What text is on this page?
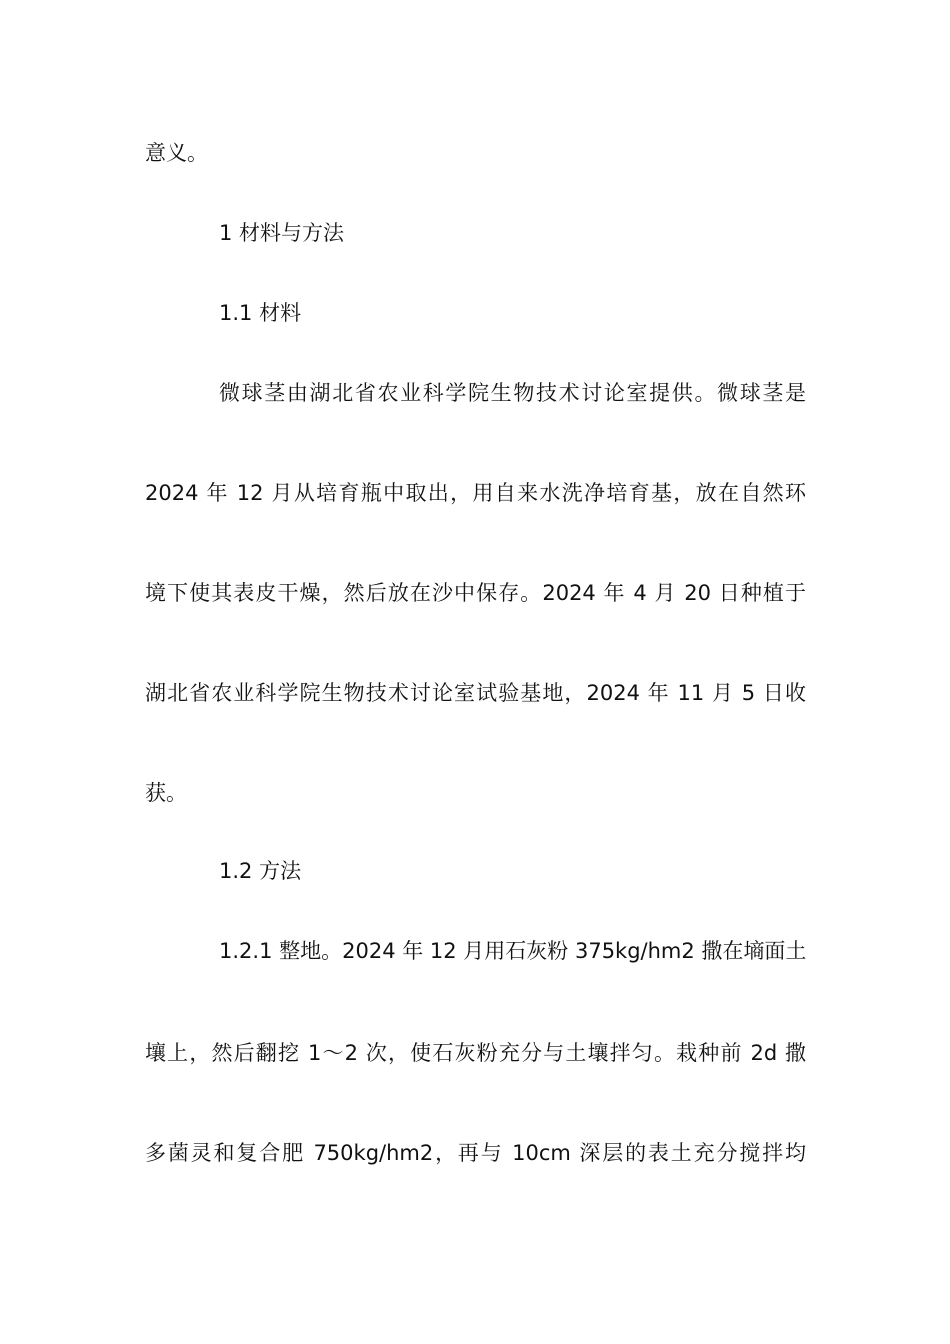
意义。
1 材料与方法
1.1 材料
微球茎由湖北省农业科学院生物技术讨论室提供。微球茎是
2024 年 12 月从培育瓶中取出，用自来水洗净培育基，放在自然环
境下使其表皮干燥，然后放在沙中保存。2024 年 4 月 20 日种植于
湖北省农业科学院生物技术讨论室试验基地，2024 年 11 月 5 日收
获。
1.2 方法
1.2.1 整地。2024 年 12 月用石灰粉 375kg/hm2 撒在墒面土
壤上，然后翻挖 1～2 次，使石灰粉充分与土壤拌匀。栽种前 2d 撒
多菌灵和复合肥 750kg/hm2，再与 10cm 深层的表土充分搅拌均
